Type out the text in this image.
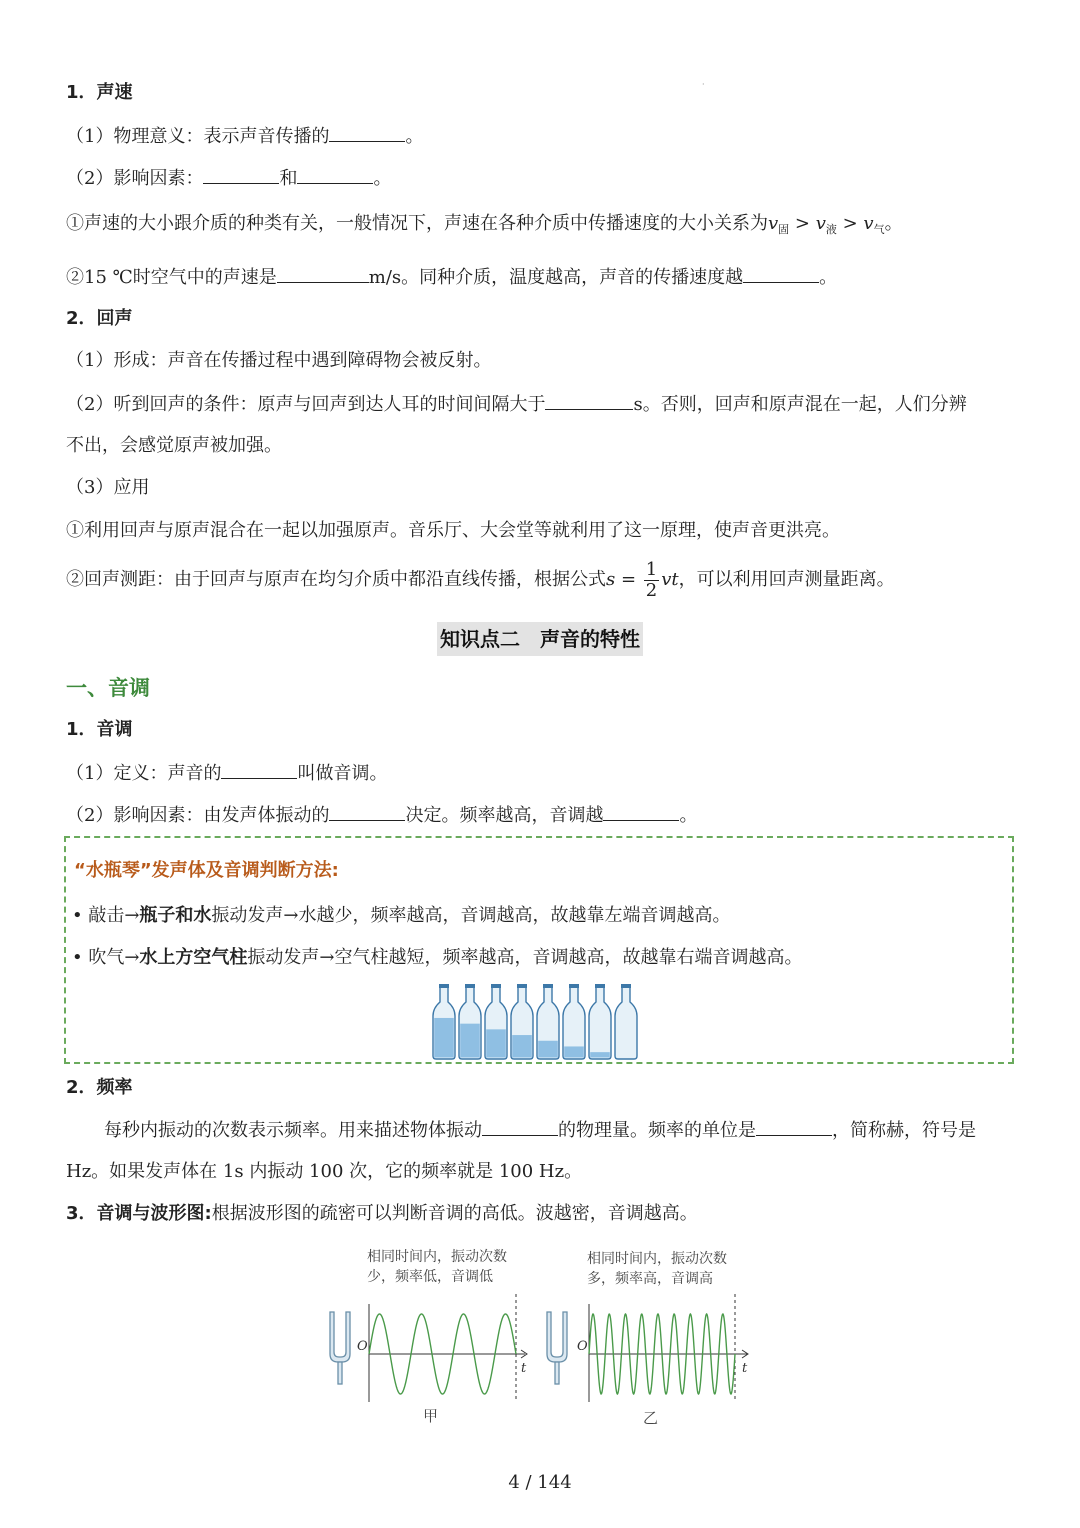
·
1．声速
（1）物理意义：表示声音传播的	。
（2）影响因素：	和	。
①声速的大小跟介质的种类有关，一般情况下，声速在各种介质中传播速度的大小关系为$v_固 > v_液 > v_气$。
②15 ℃时空气中的声速是	m/s。同种介质，温度越高，声音的传播速度越	。
2．回声
（1）形成：声音在传播过程中遇到障碍物会被反射。
（2）听到回声的条件：原声与回声到达人耳的时间间隔大于	s。否则，回声和原声混在一起，人们分辨
不出，会感觉原声被加强。
（3）应用
①利用回声与原声混合在一起以加强原声。音乐厅、大会堂等就利用了这一原理，使声音更洪亮。
②回声测距：由于回声与原声在均匀介质中都沿直线传播，根据公式$s = \frac{1}{2}$ vt，可以利用回声测量距离。
知识点二　声音的特性
一、音调
1．音调
（1）定义：声音的	叫做音调。
（2）影响因素：由发声体振动的	决定。频率越高，音调越	。
“水瓶琴”发声体及音调判断方法:
• 敲击→瓶子和水振动发声→水越少，频率越高，音调越高，故越靠左端音调越高。
• 吹气→水上方空气柱振动发声→空气柱越短，频率越高，音调越高，故越靠右端音调越高。
2．频率
每秒内振动的次数表示频率。用来描述物体振动	的物理量。频率的单位是	，简称赫，符号是
Hz。如果发声体在 1s 内振动 100 次，它的频率就是 100 Hz。
3．音调与波形图:根据波形图的疏密可以判断音调的高低。波越密，音调越高。
相同时间内，振动次数
少，频率低，音调低
相同时间内，振动次数
多，频率高，音调高
O
t
O
t
甲	乙
4 / 144
